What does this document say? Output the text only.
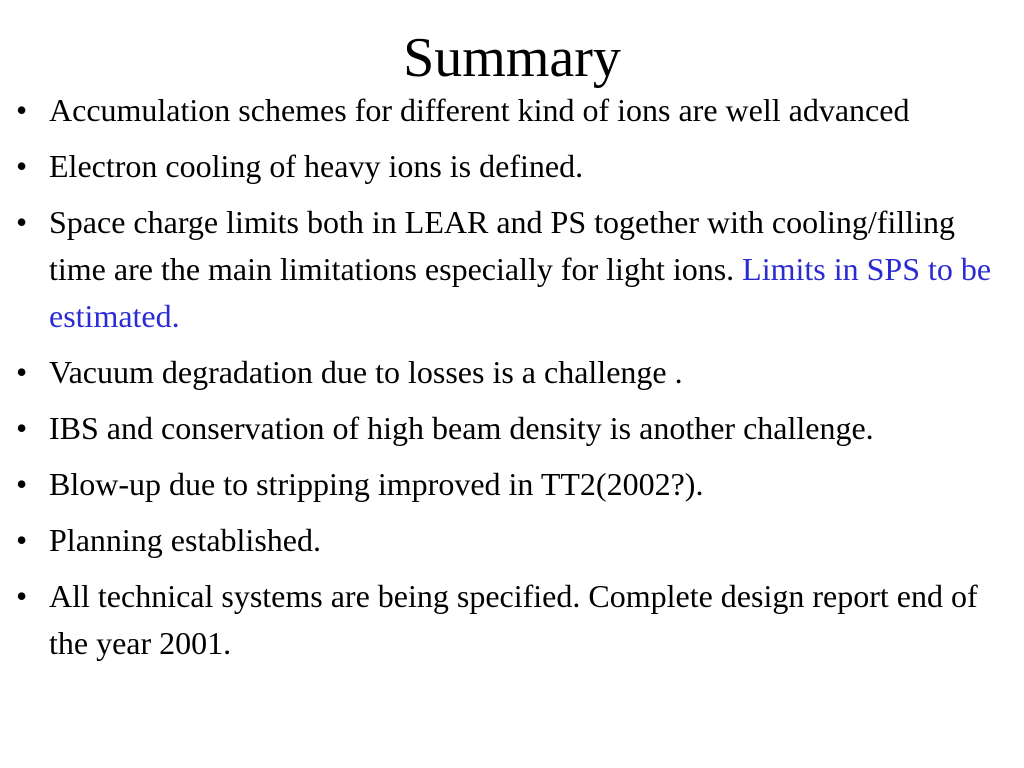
Summary
• Accumulation schemes for different kind of ions are well advanced
• Electron cooling of heavy ions is defined.
• Space charge limits both in LEAR and PS together with cooling/filling time are the main limitations especially for light ions. Limits in SPS to be estimated.
• Vacuum degradation due to losses is a challenge .
• IBS and conservation of high beam density is another challenge.
• Blow-up due to stripping improved in TT2(2002?).
• Planning established.
• All technical systems are being specified. Complete design report end of the year 2001.
